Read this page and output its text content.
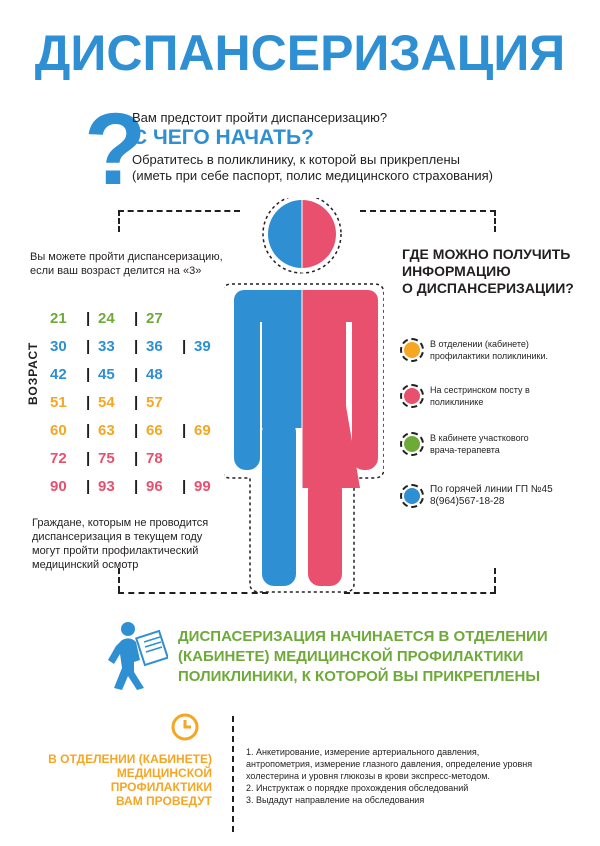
ДИСПАНСЕРИЗАЦИЯ
?
Вам предстоит пройти диспансеризацию?
С ЧЕГО НАЧАТЬ?
Обратитесь в поликлинику, к которой вы прикреплены
(иметь при себе паспорт, полис медицинского страхования)
Вы можете пройти диспансеризацию,
если ваш возраст делится на «3»
ВОЗРАСТ
21	| 24	| 27
30	| 33	| 36	| 39
42	| 45	| 48
51	| 54	| 57
60	| 63	| 66	| 69
72	| 75	| 78
90	| 93	| 96	| 99
Граждане, которым не проводится
диспансеризация в текущем году
могут пройти профилактический
медицинский осмотр
ГДЕ МОЖНО ПОЛУЧИТЬ
ИНФОРМАЦИЮ
О ДИСПАНСЕРИЗАЦИИ?
В отделении (кабинете)
профилактики поликлиники.
На сестринском посту в
поликлинике
В кабинете участкового
врача-терапевта
По горячей линии ГП №45
8(964)567-18-28
ДИСПАСЕРИЗАЦИЯ НАЧИНАЕТСЯ В ОТДЕЛЕНИИ
(КАБИНЕТЕ) МЕДИЦИНСКОЙ ПРОФИЛАКТИКИ
ПОЛИКЛИНИКИ, К КОТОРОЙ ВЫ ПРИКРЕПЛЕНЫ
В ОТДЕЛЕНИИ (КАБИНЕТЕ)
МЕДИЦИНСКОЙ
ПРОФИЛАКТИКИ
ВАМ ПРОВЕДУТ
1. Анкетирование, измерение артериального давления,
антропометрия, измерение глазного давления, определение уровня
холестерина и уровня глюкозы в крови экспресс-методом.
2. Инструктаж о порядке прохождения обследований
3. Выдадут направление на обследования
